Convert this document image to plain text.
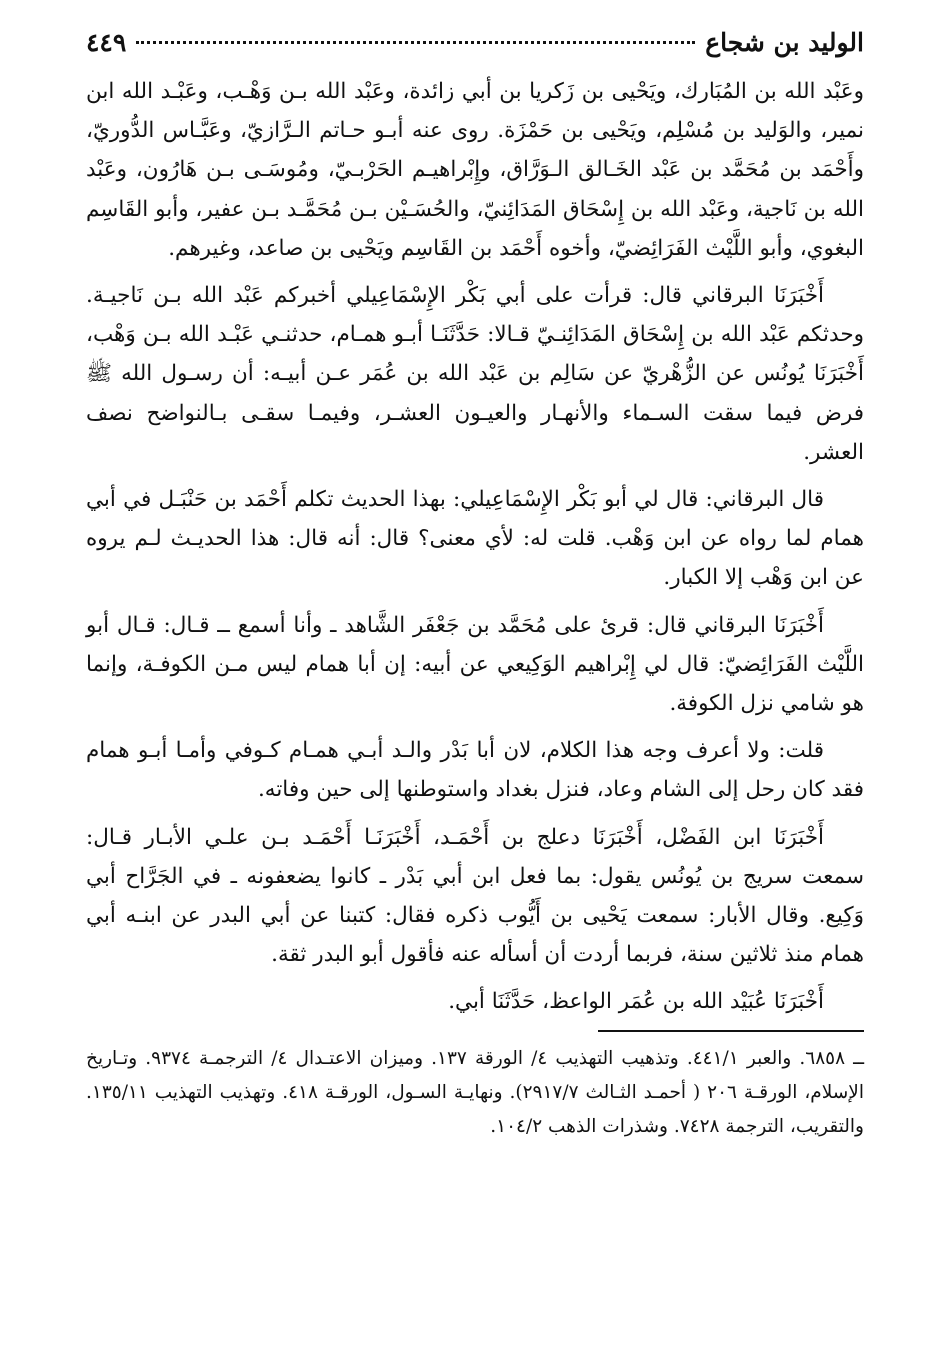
الوليد بن شجاع
٤٤٩

وعَبْد الله بن المُبَارك، ويَحْيى بن زَكريا بن أبي زائدة، وعَبْد الله بـن وَهْـب، وعَبْـد الله ابن نمير، والوَليد بن مُسْلِم، ويَحْيى بن حَمْزَة. روى عنه أبـو حـاتم الـرَّازيّ، وعَبَّـاس الدُّوريّ، وأَحْمَد بن مُحَمَّد بن عَبْد الخَـالق الـوَرَّاق، وإِبْراهيـم الحَرْبـيّ، ومُوسَـى بـن هَارُون، وعَبْد الله بن نَاجية، وعَبْد الله بن إِسْحَاق المَدَائِنيّ، والحُسَـيْن بـن مُحَمَّـد بـن عفير، وأبو القَاسِم البغوي، وأبو اللَّيْث الفَرَائِضيّ، وأخوه أَحْمَد بن القَاسِم ويَحْيى بن صاعد، وغيرهم.

أَخْبَرَنَا البرقاني قال: قرأت على أبي بَكْر الإِسْمَاعِيلي أخبركم عَبْد الله بـن نَاجيـة. وحدثكم عَبْد الله بن إِسْحَاق المَدَائِنـيّ قـالا: حَدَّثَنَـا أبـو همـام، حدثنـي عَبْـد الله بـن وَهْب، أَخْبَرَنَا يُونُس عن الزُّهْريّ عن سَالِم بن عَبْد الله بن عُمَر عـن أبيـه: أن رسـول الله ﷺ فرض فيما سقت السـماء والأنهـار والعيـون العشـر، وفيمـا سقـى بـالنواضح نصف العشر.

قال البرقاني: قال لي أبو بَكْر الإِسْمَاعِيلي: بهذا الحديث تكلم أَحْمَد بن حَنْبَـل في أبي همام لما رواه عن ابن وَهْب. قلت له: لأي معنى؟ قال: أنه قال: هذا الحديـث لـم يروه عن ابن وَهْب إلا الكبار.

أَخْبَرَنَا البرقاني قال: قرئ على مُحَمَّد بن جَعْفَر الشَّاهد ـ وأنا أسمع ــ قـال: قـال أبو اللَّيْث الفَرَائِضيّ: قال لي إِبْراهيم الوَكِيعي عن أبيه: إن أبا همام ليس مـن الكوفـة، وإنما هو شامي نزل الكوفة.

قلت: ولا أعرف وجه هذا الكلام، لان أبا بَدْر والـد أبـي همـام كـوفي وأمـا أبـو همام فقد كان رحل إلى الشام وعاد، فنزل بغداد واستوطنها إلى حين وفاته.

أَخْبَرَنَا ابن الفَضْل، أَخْبَرَنَا دعلج بن أَحْمَـد، أَخْبَرَنَـا أَحْمَـد بـن علـي الأبـار قـال: سمعت سريج بن يُونُس يقول: بما فعل ابن أبي بَدْر ـ كانوا يضعفونه ـ في الجَرَّاح أبي وَكِيع. وقال الأبار: سمعت يَحْيى بن أَيُّوب ذكره فقال: كتبنا عن أبي البدر عن ابنـه أبي همام منذ ثلاثين سنة، فربما أردت أن أسأله عنه فأقول أبو البدر ثقة.

أَخْبَرَنَا عُبَيْد الله بن عُمَر الواعظ، حَدَّثَنَا أبي.

ــ ٦٨٥٨. والعبر ٤٤١/١. وتذهيب التهذيب ٤/ الورقة ١٣٧. وميزان الاعتـدال ٤/ الترجمـة ٩٣٧٤. وتـاريخ الإسلام، الورقـة ٢٠٦ ( أحمـد الثـالث ٢٩١٧/٧). ونهايـة السـول، الورقـة ٤١٨. وتهذيب التهذيب ١٣٥/١١. والتقريب، الترجمة ٧٤٢٨. وشذرات الذهب ١٠٤/٢.
